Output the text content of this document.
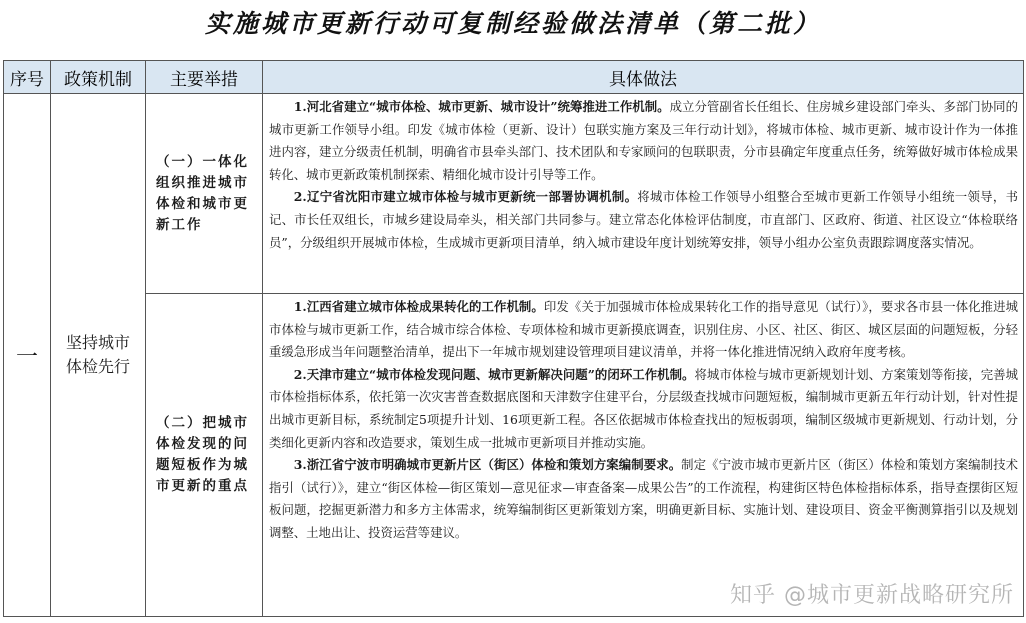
实施城市更新行动可复制经验做法清单（第二批）
序号	政策机制	主要举措	具体做法
一	坚持城市体检先行	（一）一体化组织推进城市体检和城市更新工作	1.河北省建立“城市体检、城市更新、城市设计”统筹推进工作机制。成立分管副省长任组长、住房城乡建设部门牵头、多部门协同的城市更新工作领导小组。印发《城市体检（更新、设计）包联实施方案及三年行动计划》，将城市体检、城市更新、城市设计作为一体推进内容，建立分级责任机制，明确省市县牵头部门、技术团队和专家顾问的包联职责，分市县确定年度重点任务，统筹做好城市体检成果转化、城市更新政策机制探索、精细化城市设计引导等工作。

2.辽宁省沈阳市建立城市体检与城市更新统一部署协调机制。将城市体检工作领导小组整合至城市更新工作领导小组统一领导，书记、市长任双组长，市城乡建设局牵头，相关部门共同参与。建立常态化体检评估制度，市直部门、区政府、街道、社区设立“体检联络员”，分级组织开展城市体检，生成城市更新项目清单，纳入城市建设年度计划统筹安排，领导小组办公室负责跟踪调度落实情况。

		（二）把城市体检发现的问题短板作为城市更新的重点	1.江西省建立城市体检成果转化的工作机制。印发《关于加强城市体检成果转化工作的指导意见（试行）》，要求各市县一体化推进城市体检与城市更新工作，结合城市综合体检、专项体检和城市更新摸底调查，识别住房、小区、社区、街区、城区层面的问题短板，分轻重缓急形成当年问题整治清单，提出下一年城市规划建设管理项目建议清单，并将一体化推进情况纳入政府年度考核。

2.天津市建立“城市体检发现问题、城市更新解决问题”的闭环工作机制。将城市体检与城市更新规划计划、方案策划等衔接，完善城市体检指标体系，依托第一次灾害普查数据底图和天津数字住建平台，分层级查找城市问题短板，编制城市更新五年行动计划，针对性提出城市更新目标，系统制定5项提升计划、16项更新工程。各区依据城市体检查找出的短板弱项，编制区级城市更新规划、行动计划，分类细化更新内容和改造要求，策划生成一批城市更新项目并推动实施。

3.浙江省宁波市明确城市更新片区（街区）体检和策划方案编制要求。制定《宁波市城市更新片区（街区）体检和策划方案编制技术指引（试行）》，建立“街区体检—街区策划—意见征求—审查备案—成果公告”的工作流程，构建街区特色体检指标体系，指导查摆街区短板问题，挖掘更新潜力和多方主体需求，统筹编制街区更新策划方案，明确更新目标、实施计划、建设项目、资金平衡测算指引以及规划调整、土地出让、投资运营等建议。

知乎 @城市更新战略研究所
